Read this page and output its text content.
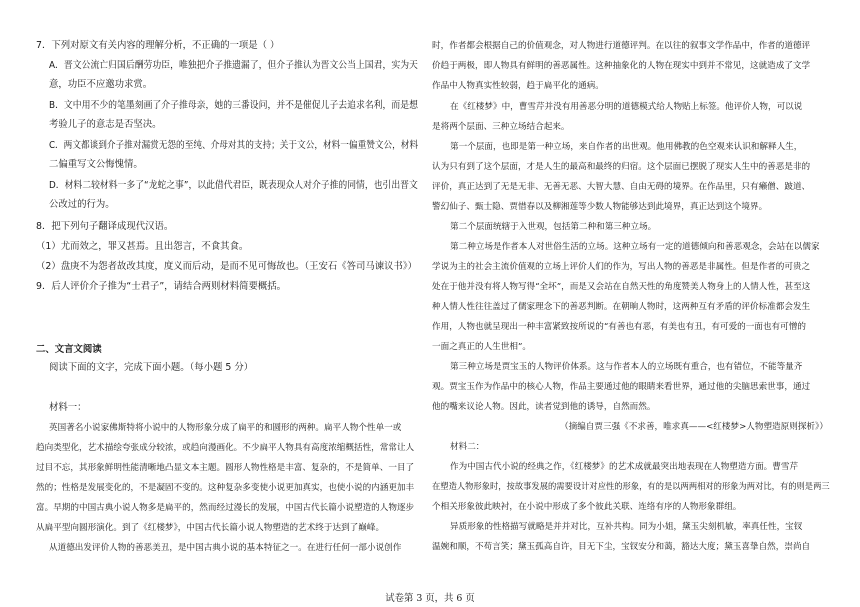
7．下列对原文有关内容的理解分析，不正确的一项是（ ）
A．晋文公流亡归国后酬劳功臣，唯独把介子推遗漏了，但介子推认为晋文公当上国君，实为天
意，功臣不应邀功求赏。
B．文中用不少的笔墨刻画了介子推母亲，她的三番设问，并不是催促儿子去追求名利，而是想
考验儿子的意志是否坚决。
C．两文都谈到介子推对漏赏无怨的至纯、介母对其的支持；关于文公，材料一偏重赞文公，材料
二偏重写文公悔愧情。
D．材料二较材料一多了“龙蛇之事”，以此借代君臣，既表现众人对介子推的同情，也引出晋文
公改过的行为。
8．把下列句子翻译成现代汉语。
（1）尤而效之，罪又甚焉。且出怨言，不食其食。
（2）盘庚不为怨者故改其度，度义而后动，是而不见可悔故也。（王安石《答司马谏议书》）
9．后人评价介子推为“士君子”，请结合两则材料简要概括。
二、文言文阅读
阅读下面的文字，完成下面小题。（每小题 5 分）
材料一：
英国著名小说家佛斯特将小说中的人物形象分成了扁平的和圆形的两种。扁平人物个性单一或
趋向类型化，艺术描绘夸张成分较浓，或趋向漫画化。不少扁平人物具有高度浓缩概括性，常常让人
过目不忘，其形象鲜明性能清晰地凸显文本主题。圆形人物性格是丰富、复杂的，不是简单、一目了
然的；性格是发展变化的，不是凝固不变的。这种复杂多变使小说更加真实，也使小说的内涵更加丰
富。早期的中国古典小说人物多是扁平的，然而经过漫长的发展，中国古代长篇小说塑造的人物逐步
从扁平型向圆形演化。到了《红楼梦》，中国古代长篇小说人物塑造的艺术终于达到了巅峰。
从道德出发评价人物的善恶美丑，是中国古典小说的基本特征之一。在进行任何一部小说创作
时，作者都会根据自己的价值观念，对人物进行道德评判。在以往的叙事文学作品中，作者的道德评
价趋于两极，即人物具有鲜明的善恶属性。这种抽象化的人物在现实中到并不常见，这就造成了文学
作品中人物真实性较弱，趋于扁平化的通病。
在《红楼梦》中，曹雪芹并没有用善恶分明的道德模式给人物贴上标签。他评价人物，可以说
是将两个层面、三种立场结合起来。
第一个层面，也即是第一种立场，来自作者的出世观。他用佛教的色空观来认识和解释人生，
认为只有到了这个层面，才是人生的最高和最终的归宿。这个层面已摆脱了现实人生中的善恶是非的
评价，真正达到了无是无非、无善无恶、大智大慧、自由无碍的境界。在作品里，只有癞僧、跛道、
警幻仙子、甄士隐、贾惜春以及柳湘莲等少数人物能够达到此境界，真正达到这个境界。
第二个层面统辖于入世观，包括第二种和第三种立场。
第二种立场是作者本人对世俗生活的立场。这种立场有一定的道德倾向和善恶观念，会站在以儒家
学说为主的社会主流价值观的立场上评价人们的作为，写出人物的善恶是非属性。但是作者的可贵之
处在于他并没有将人物写得“全坏”，而是又会站在自然天性的角度赞美人物身上的人情人性，甚至这
种人情人性往往盖过了儒家理念下的善恶判断。在朝晌人物时，这两种互有矛盾的评价标准都会发生
作用，人物也就呈现出一种丰富紧致按所说的“有善也有恶，有美也有丑，有可爱的一面也有可憎的
一面之真正的人生世相”。
第三种立场是贾宝玉的人物评价体系。这与作者本人的立场既有重合，也有错位，不能等量齐
观。贾宝玉作为作品中的核心人物，作品主要通过他的眼睛来看世界，通过他的尖脑思索世事，通过
他的嘴来议论人物。因此，读者觉到他的诱导，自然而然。
（摘编自贾三强《不求善，唯求真——<红楼梦>人物塑造原则探析》）
材料二：
作为中国古代小说的经典之作，《红楼梦》的艺术成就最突出地表现在人物塑造方面。曹雪芹
在塑造人物形象时，按故事发展的需要设计对应性的形象，有的是以两两相对的形象为两对比，有的则是两三
个相关形象彼此映衬，在小说中形成了多个彼此关联、连络有序的人物形象群组。
异质形象的性格描写就略是并并对比，互补共构。同为小姐，黛玉尖刻机敏，率真任性，宝钗
温婉和顺，不苟言笑；黛玉孤高自许，目无下尘，宝钗安分和蔼，豁达大度；黛玉喜挚自然，崇尚自
试卷第 3 页，共 6 页
